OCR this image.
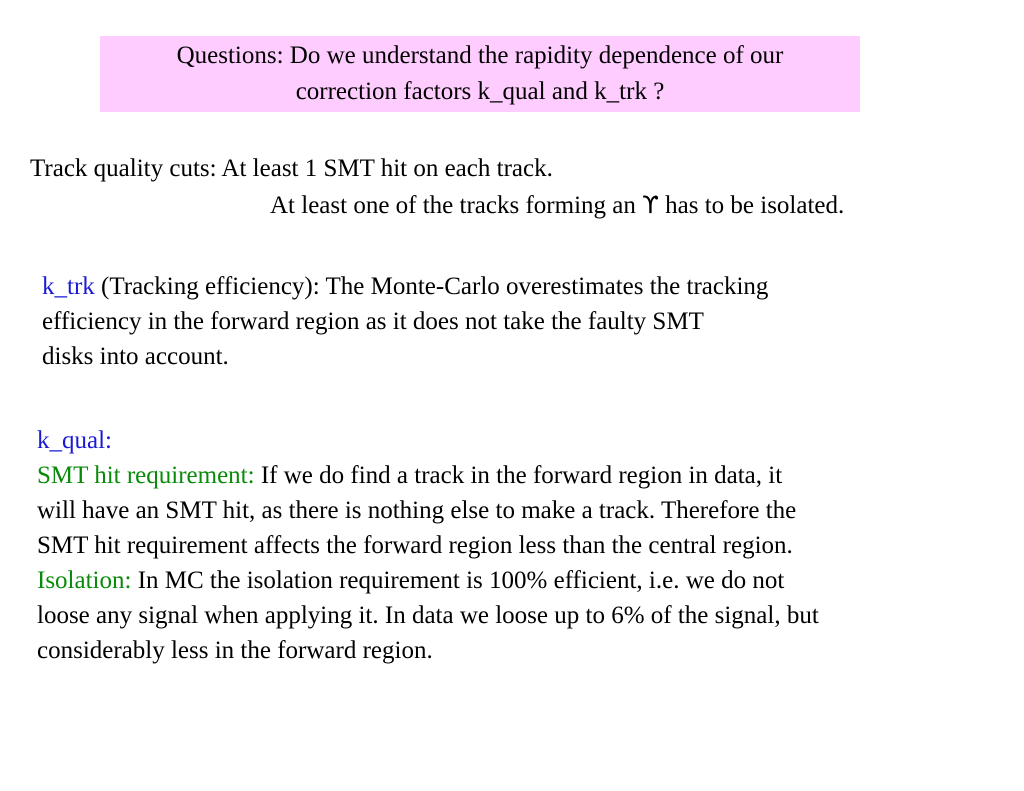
Questions: Do we understand the rapidity dependence of our
correction factors k_qual and k_trk ?
Track quality cuts: At least 1 SMT hit on each track.
At least one of the tracks forming an ϒ has to be isolated.
k_trk (Tracking efficiency): The Monte-Carlo overestimates the tracking
efficiency in the forward region as it does not take the faulty SMT
disks into account.
k_qual:
SMT hit requirement: If we do find a track in the forward region in data, it
will have an SMT hit, as there is nothing else to make a track. Therefore the
SMT hit requirement affects the forward region less than the central region.
Isolation: In MC the isolation requirement is 100% efficient, i.e. we do not
loose any signal when applying it. In data we loose up to 6% of the signal, but
considerably less in the forward region.
